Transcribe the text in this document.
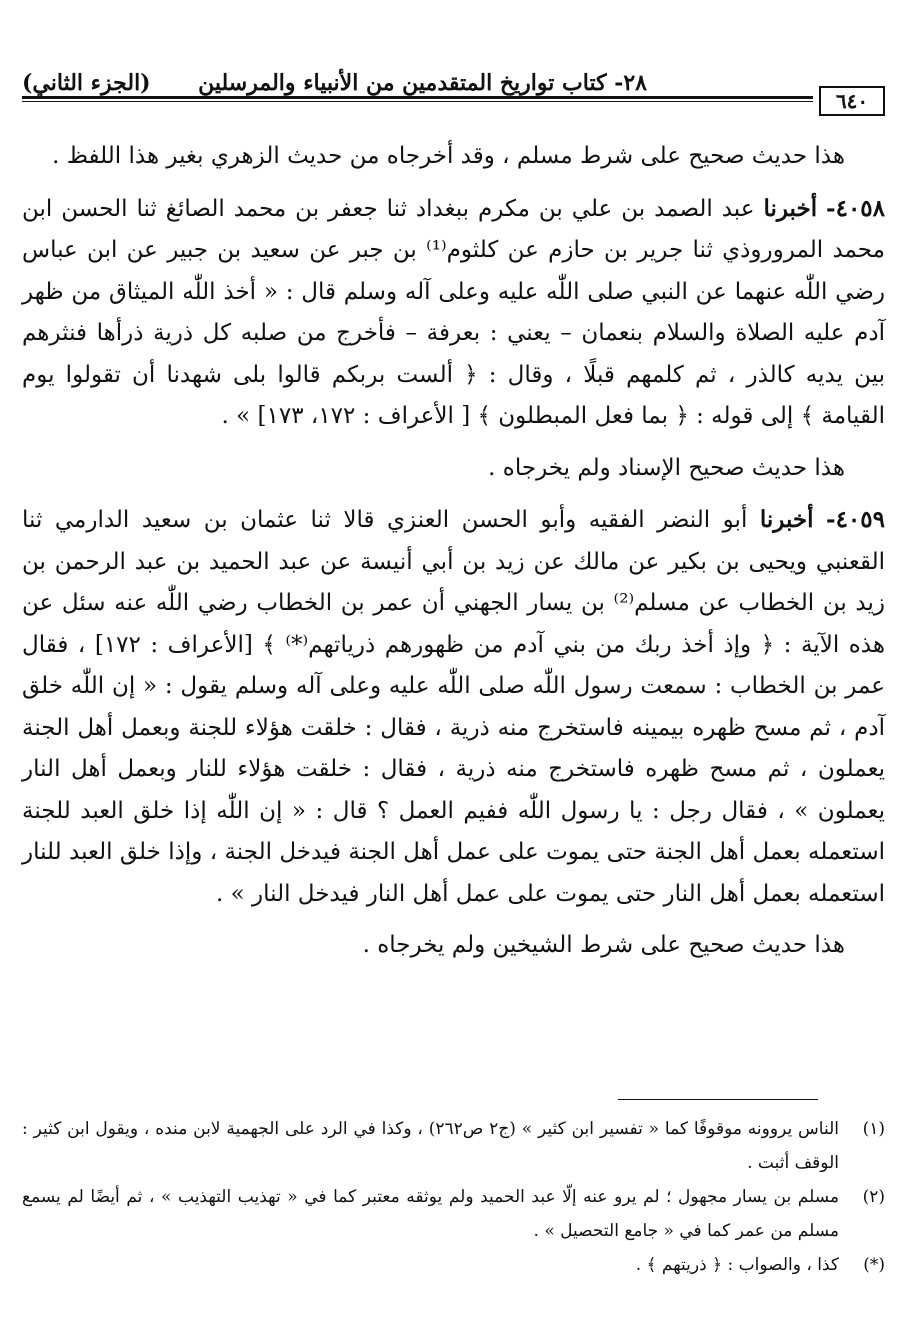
٢٨- كتاب تواريخ المتقدمين من الأنبياء والمرسلين
(الجزء الثاني)
٦٤٠

هذا حديث صحيح على شرط مسلم ، وقد أخرجاه من حديث الزهري بغير هذا اللفظ .

٤٠٥٨- أخبرنا عبد الصمد بن علي بن مكرم ببغداد ثنا جعفر بن محمد الصائغ ثنا الحسن ابن محمد المروروذي ثنا جرير بن حازم عن كلثوم⁽¹⁾ بن جبر عن سعيد بن جبير عن ابن عباس رضي اللّٰه عنهما عن النبي صلى اللّٰه عليه وعلى آله وسلم قال : « أخذ اللّٰه الميثاق من ظهر آدم عليه الصلاة والسلام بنعمان – يعني : بعرفة – فأخرج من صلبه كل ذرية ذرأها فنثرهم بين يديه كالذر ، ثم كلمهم قبلًا ، وقال : ﴿ ألست بربكم قالوا بلى شهدنا أن تقولوا يوم القيامة ﴾ إلى قوله : ﴿ بما فعل المبطلون ﴾ [ الأعراف : ١٧٢، ١٧٣] » .

هذا حديث صحيح الإسناد ولم يخرجاه .

٤٠٥٩- أخبرنا أبو النضر الفقيه وأبو الحسن العنزي قالا ثنا عثمان بن سعيد الدارمي ثنا القعنبي ويحيى بن بكير عن مالك عن زيد بن أبي أنيسة عن عبد الحميد بن عبد الرحمن بن زيد بن الخطاب عن مسلم⁽²⁾ بن يسار الجهني أن عمر بن الخطاب رضي اللّٰه عنه سئل عن هذه الآية : ﴿ وإذ أخذ ربك من بني آدم من ظهورهم ذرياتهم⁽*⁾ ﴾ [الأعراف : ١٧٢] ، فقال عمر بن الخطاب : سمعت رسول اللّٰه صلى اللّٰه عليه وعلى آله وسلم يقول : « إن اللّٰه خلق آدم ، ثم مسح ظهره بيمينه فاستخرج منه ذرية ، فقال : خلقت هؤلاء للجنة وبعمل أهل الجنة يعملون ، ثم مسح ظهره فاستخرج منه ذرية ، فقال : خلقت هؤلاء للنار وبعمل أهل النار يعملون » ، فقال رجل : يا رسول اللّٰه ففيم العمل ؟ قال : « إن اللّٰه إذا خلق العبد للجنة استعمله بعمل أهل الجنة حتى يموت على عمل أهل الجنة فيدخل الجنة ، وإذا خلق العبد للنار استعمله بعمل أهل النار حتى يموت على عمل أهل النار فيدخل النار » .

هذا حديث صحيح على شرط الشيخين ولم يخرجاه .

(١)
الناس يروونه موقوفًا كما « تفسير ابن كثير » (ج٢ ص٢٦٢) ، وكذا في الرد على الجهمية لابن منده ، ويقول ابن كثير : الوقف أثبت .
(٢)
مسلم بن يسار مجهول ؛ لم يرو عنه إلّا عبد الحميد ولم يوثقه معتبر كما في « تهذيب التهذيب » ، ثم أيضًا لم يسمع مسلم من عمر كما في « جامع التحصيل » .
(*)
كذا ، والصواب : ﴿ ذريتهم ﴾ .
